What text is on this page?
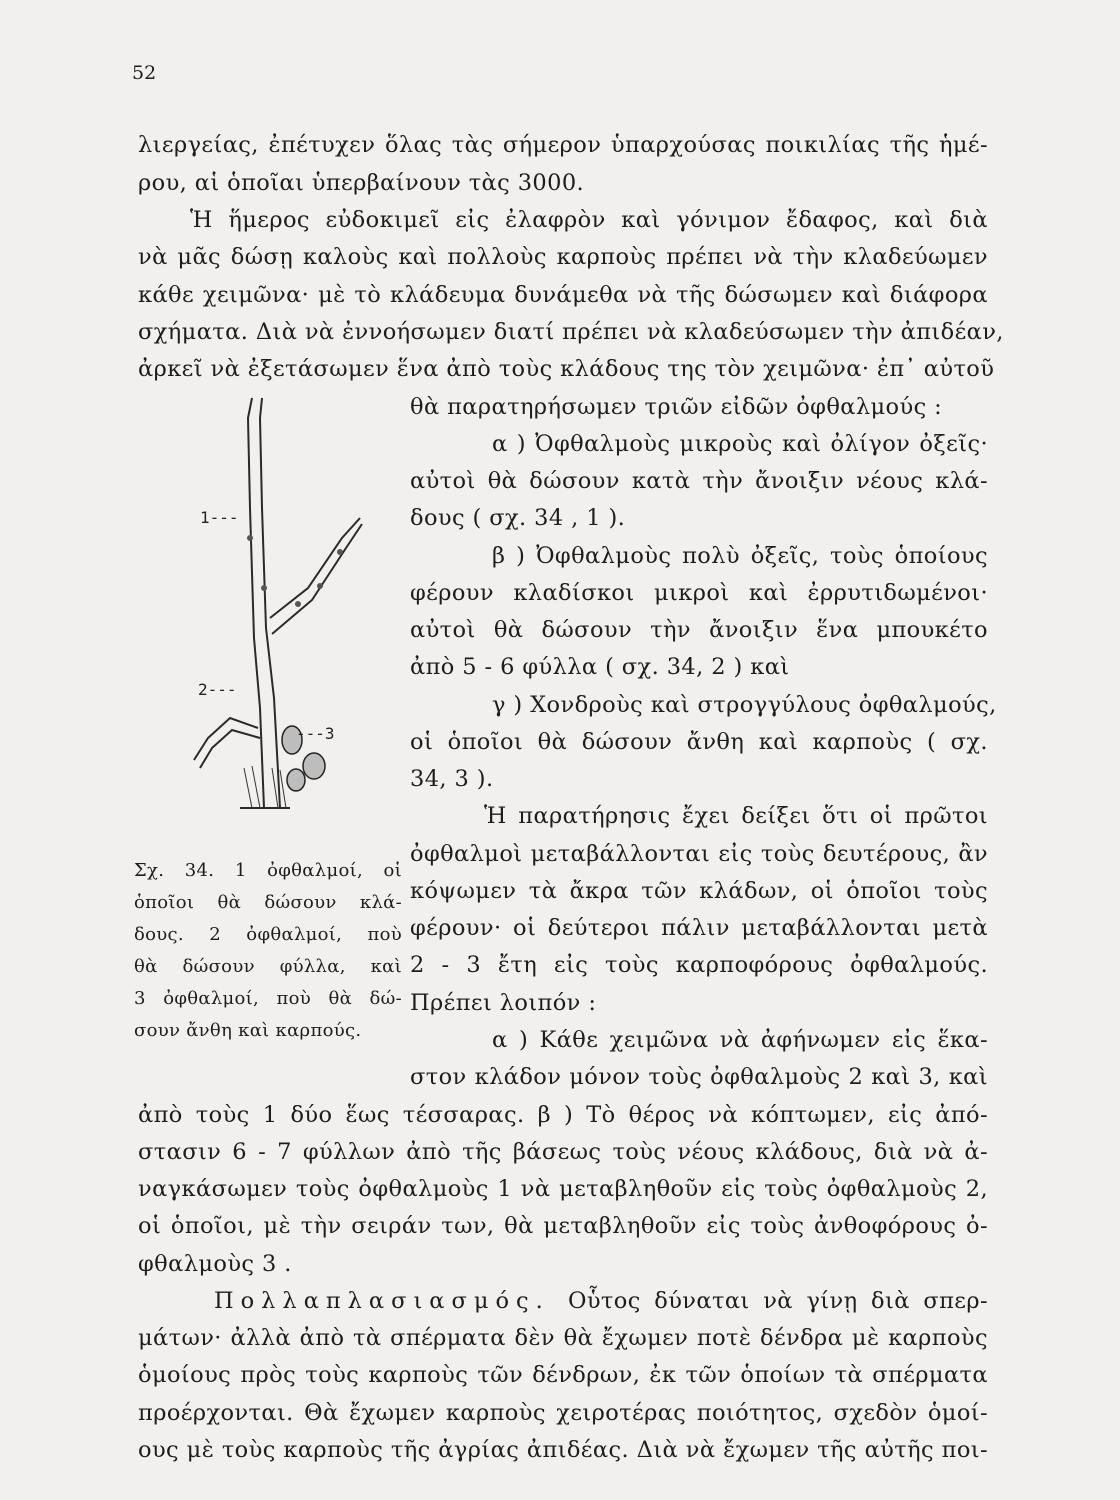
52
λιεργείας, ἐπέτυχεν ὅλας τὰς σήμερον ὑπαρχούσας ποικιλίας τῆς ἡμέ-
ρου, αἱ ὁποῖαι ὑπερβαίνουν τὰς 3000.
Ἡ ἥμερος εὐδοκιμεῖ εἰς ἐλαφρὸν καὶ γόνιμον ἔδαφος, καὶ διὰ
νὰ μᾶς δώσῃ καλοὺς καὶ πολλοὺς καρποὺς πρέπει νὰ τὴν κλαδεύωμεν
κάθε χειμῶνα· μὲ τὸ κλάδευμα δυνάμεθα νὰ τῆς δώσωμεν καὶ διάφορα
σχήματα. Διὰ νὰ ἐννοήσωμεν διατί πρέπει νὰ κλαδεύσωμεν τὴν ἀπιδέαν,
ἀρκεῖ νὰ ἐξετάσωμεν ἕνα ἀπὸ τοὺς κλάδους της τὸν χειμῶνα· ἐπ᾽ αὐτοῦ
θὰ παρατηρήσωμεν τριῶν εἰδῶν ὀφθαλμούς :
α ) Ὀφθαλμοὺς μικροὺς καὶ ὀλίγον ὀξεῖς·
αὐτοὶ θὰ δώσουν κατὰ τὴν ἄνοιξιν νέους κλά-
δους ( σχ. 34 , 1 ).
β ) Ὀφθαλμοὺς πολὺ ὀξεῖς, τοὺς ὁποίους
φέρουν κλαδίσκοι μικροὶ καὶ ἐρρυτιδωμένοι·
αὐτοὶ θὰ δώσουν τὴν ἄνοιξιν ἕνα μπουκέτο
ἀπὸ 5 - 6 φύλλα ( σχ. 34, 2 ) καὶ
γ ) Χονδροὺς καὶ στρογγύλους ὀφθαλμούς,
οἱ ὁποῖοι θὰ δώσουν ἄνθη καὶ καρποὺς ( σχ.
34, 3 ).
Ἡ παρατήρησις ἔχει δείξει ὅτι οἱ πρῶτοι
ὀφθαλμοὶ μεταβάλλονται εἰς τοὺς δευτέρους, ἂν
κόψωμεν τὰ ἄκρα τῶν κλάδων, οἱ ὁποῖοι τοὺς
φέρουν· οἱ δεύτεροι πάλιν μεταβάλλονται μετὰ
2 - 3 ἔτη εἰς τοὺς καρποφόρους ὀφθαλμούς.
Πρέπει λοιπόν :
α ) Κάθε χειμῶνα νὰ ἀφήνωμεν εἰς ἕκα-
στον κλάδον μόνον τοὺς ὀφθαλμοὺς 2 καὶ 3, καὶ
Σχ. 34. 1 ὀφθαλμοί, οἱ
ὁποῖοι θὰ δώσουν κλά-
δους. 2 ὀφθαλμοί, ποὺ
θὰ δώσουν φύλλα, καὶ
3 ὀφθαλμοί, ποὺ θὰ δώ-
σουν ἄνθη καὶ καρπούς.
ἀπὸ τοὺς 1 δύο ἕως τέσσαρας. β ) Τὸ θέρος νὰ κόπτωμεν, εἰς ἀπό-
στασιν 6 - 7 φύλλων ἀπὸ τῆς βάσεως τοὺς νέους κλάδους, διὰ νὰ ἀ-
ναγκάσωμεν τοὺς ὀφθαλμοὺς 1 νὰ μεταβληθοῦν εἰς τοὺς ὀφθαλμοὺς 2,
οἱ ὁποῖοι, μὲ τὴν σειράν των, θὰ μεταβληθοῦν εἰς τοὺς ἀνθοφόρους ὀ-
φθαλμοὺς 3 .
Πολλαπλασιασμός. Οὗτος δύναται νὰ γίνῃ διὰ σπερ-
μάτων· ἀλλὰ ἀπὸ τὰ σπέρματα δὲν θὰ ἔχωμεν ποτὲ δένδρα μὲ καρποὺς
ὁμοίους πρὸς τοὺς καρποὺς τῶν δένδρων, ἐκ τῶν ὁποίων τὰ σπέρματα
προέρχονται. Θὰ ἔχωμεν καρποὺς χειροτέρας ποιότητος, σχεδὸν ὁμοί-
ους μὲ τοὺς καρποὺς τῆς ἀγρίας ἀπιδέας. Διὰ νὰ ἔχωμεν τῆς αὐτῆς ποι-
1---
2---
---3
